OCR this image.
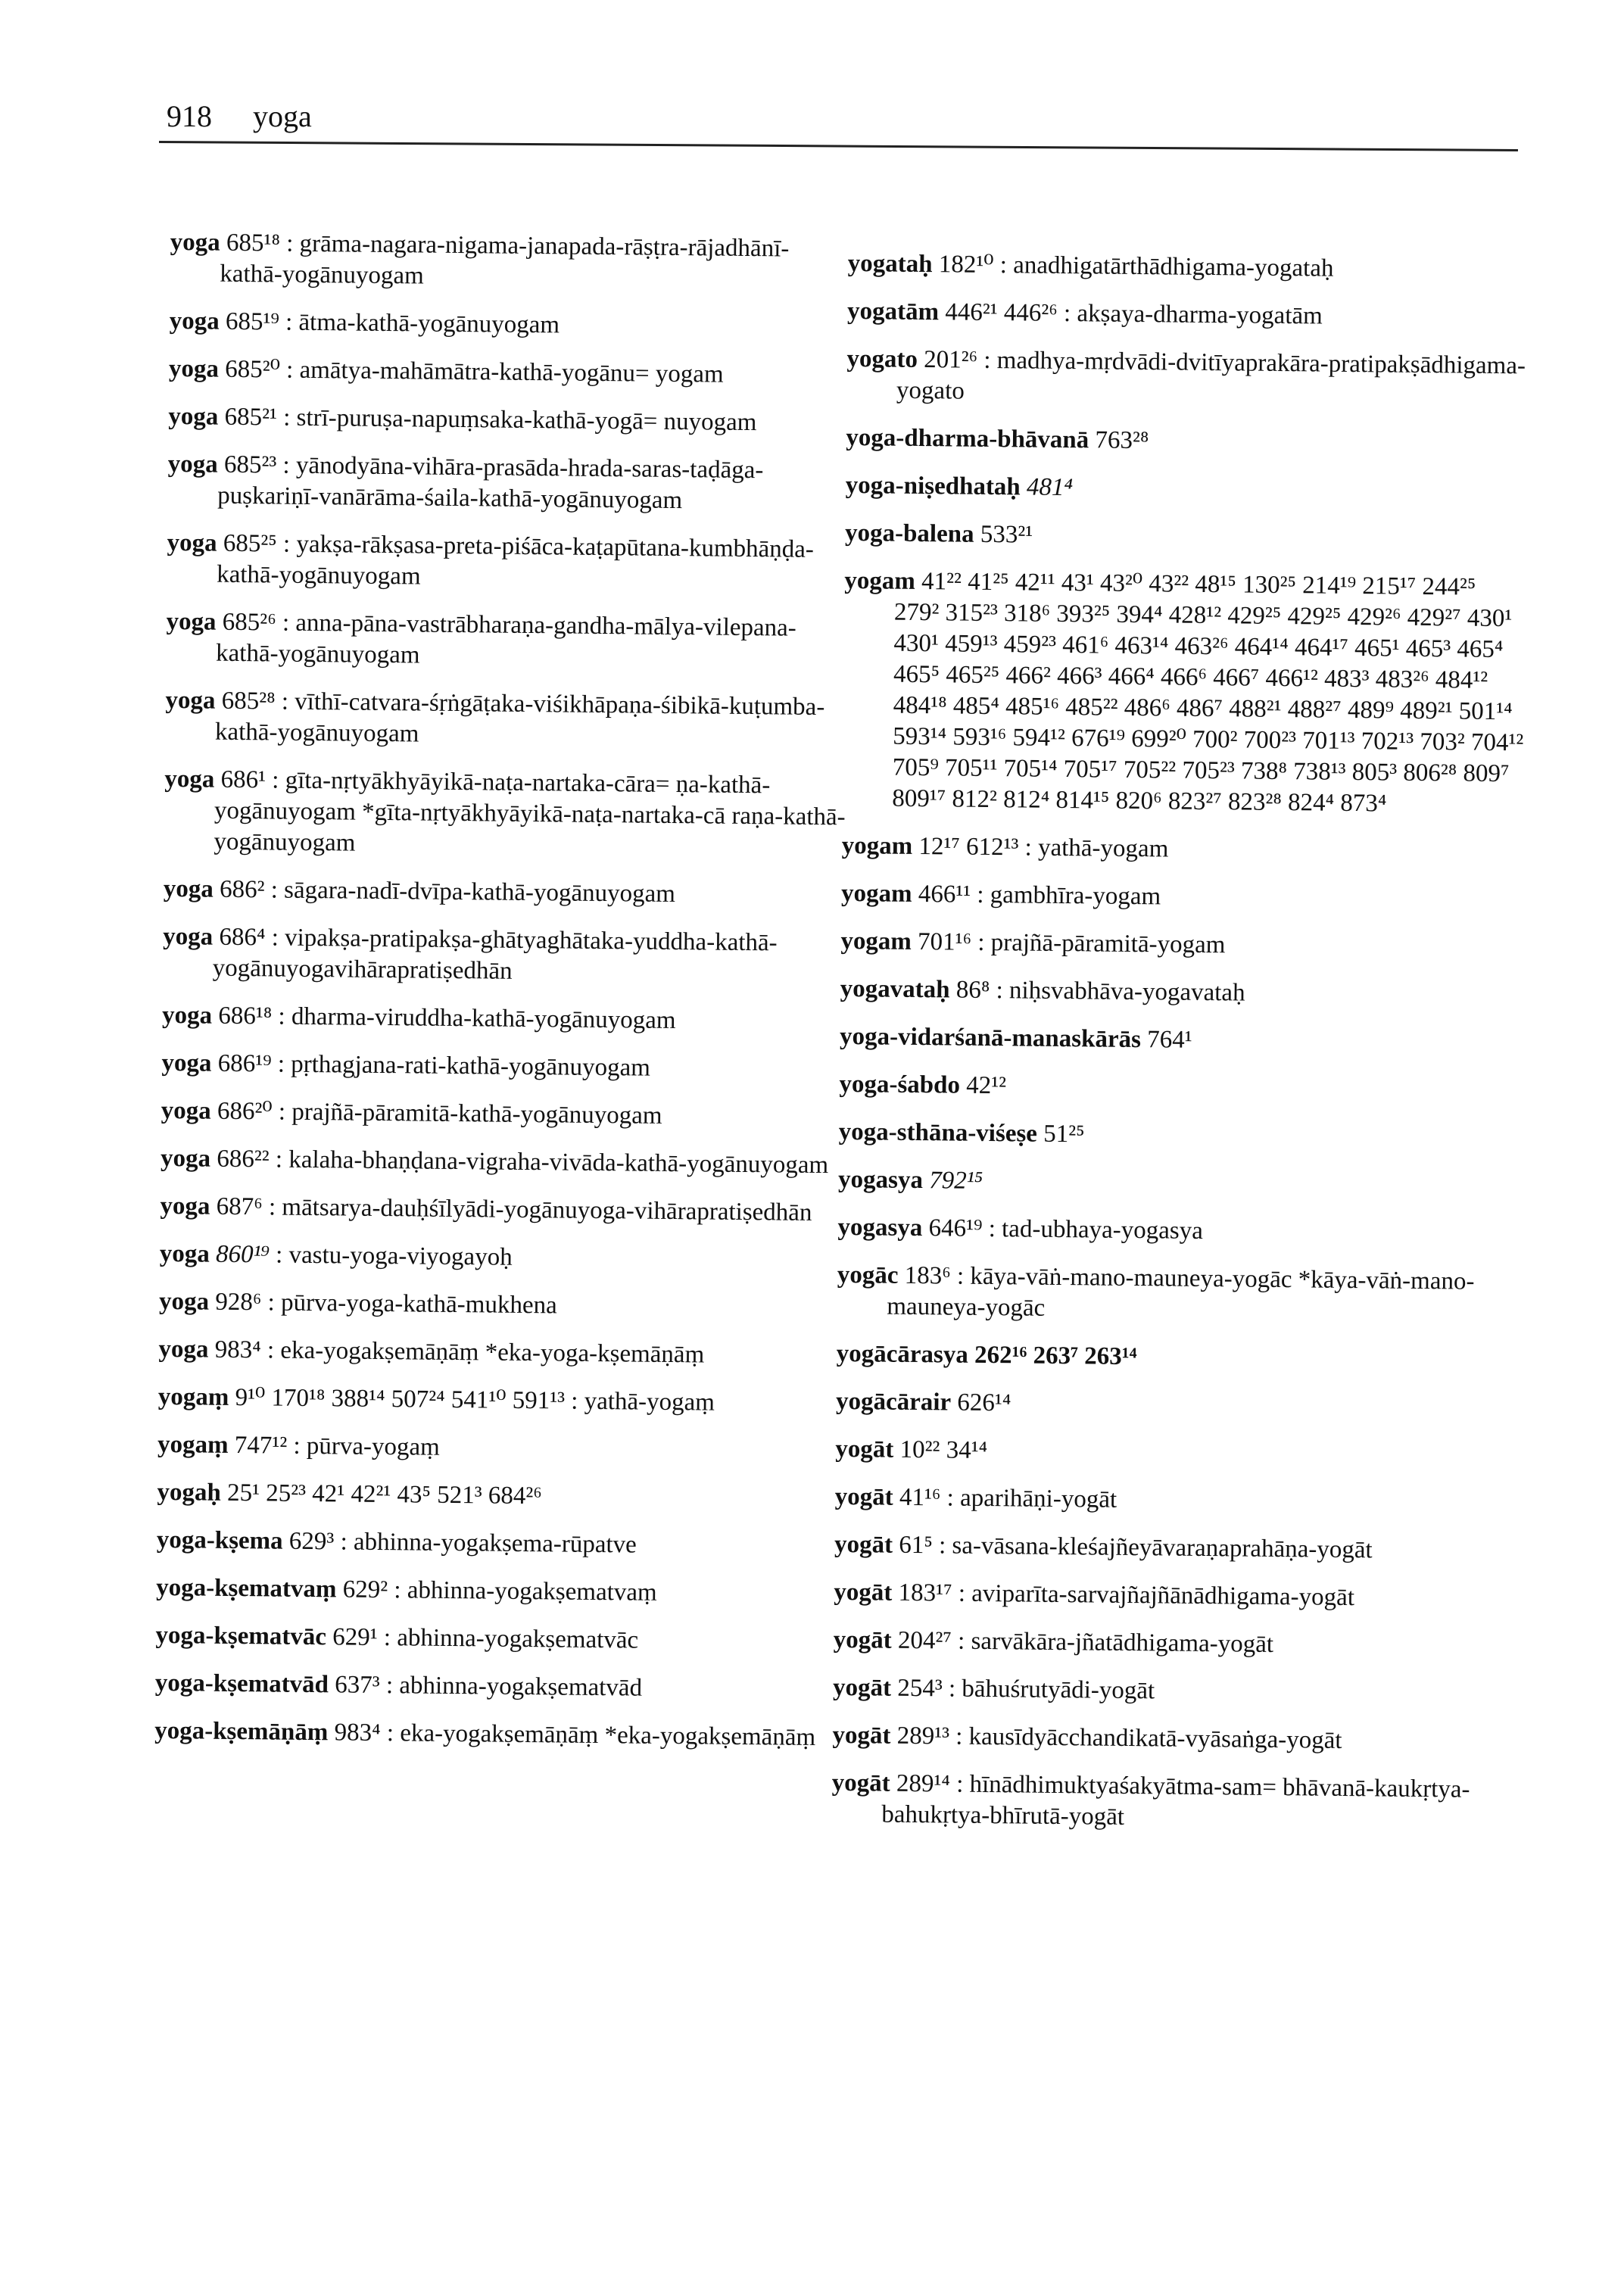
918 yoga
yoga 685¹⁸ : grāma-nagara-nigama-janapada-rāṣṭra-rājadhānī-kathā-yogānuyogam
yoga 685¹⁹ : ātma-kathā-yogānuyogam
yoga 685²⁰ : amātya-mahāmātra-kathā-yogānu= yogam
yoga 685²¹ : strī-puruṣa-napuṃsaka-kathā-yogā= nuyogam
yoga 685²³ : yānodyāna-vihāra-prasāda-hrada-saras-taḍāga-puṣkariṇī-vanārāma-śaila-kathā-yogānuyogam
yoga 685²⁵ : yakṣa-rākṣasa-preta-piśāca-kaṭapūtana-kumbhāṇḍa-kathā-yogānuyogam
yoga 685²⁶ : anna-pāna-vastrābharaṇa-gandha-mālya-vilepana-kathā-yogānuyogam
yoga 685²⁸ : vīthī-catvara-śṛṅgāṭaka-viśikhāpaṇa-śibikā-kuṭumba-kathā-yogānuyogam
yoga 686¹ : gīta-nṛtyākhyāyikā-naṭa-nartaka-cāra= ṇa-kathā-yogānuyogam *gīta-nṛtyākhyāyikā-naṭa-nartaka-cā raṇa-kathā-yogānuyogam
yoga 686² : sāgara-nadī-dvīpa-kathā-yogānuyogam
yoga 686⁴ : vipakṣa-pratipakṣa-ghātyaghātaka-yuddha-kathā-yogānuyogavihārapratiṣedhān
yoga 686¹⁸ : dharma-viruddha-kathā-yogānuyogam
yoga 686¹⁹ : pṛthagjana-rati-kathā-yogānuyogam
yoga 686²⁰ : prajñā-pāramitā-kathā-yogānuyogam
yoga 686²² : kalaha-bhaṇḍana-vigraha-vivāda-kathā-yogānuyogam
yoga 687⁶ : mātsarya-dauḥśīlyādi-yogānuyoga-vihārapratiṣedhān
yoga 860¹⁹ : vastu-yoga-viyogayoḥ
yoga 928⁶ : pūrva-yoga-kathā-mukhena
yoga 983⁴ : eka-yogakṣemāṇāṃ *eka-yoga-kṣemāṇāṃ
yogaṃ 9¹⁰ 170¹⁸ 388¹⁴ 507²⁴ 541¹⁰ 591¹³ : yathā-yogaṃ
yogaṃ 747¹² : pūrva-yogaṃ
yogaḥ 25¹ 25²³ 42¹ 42²¹ 43⁵ 521³ 684²⁶
yoga-kṣema 629³ : abhinna-yogakṣema-rūpatve
yoga-kṣematvaṃ 629² : abhinna-yogakṣematvaṃ
yoga-kṣematvāc 629¹ : abhinna-yogakṣematvāc
yoga-kṣematvād 637³ : abhinna-yogakṣematvād
yoga-kṣemāṇāṃ 983⁴ : eka-yogakṣemāṇāṃ *eka-yogakṣemāṇāṃ
yogataḥ 182¹⁰ : anadhigatārthādhigama-yogataḥ
yogatām 446²¹ 446²⁶ : akṣaya-dharma-yogatām
yogato 201²⁶ : madhya-mṛdvādi-dvitīyaprakāra-pratipakṣādhigama-yogato
yoga-dharma-bhāvanā 763²⁸
yoga-niṣedhataḥ 481⁴
yoga-balena 533²¹
yogam 41²² 41²⁵ 42¹¹ 43¹ 43²⁰ 43²² 48¹⁵ 130²⁵ 214¹⁹ 215¹⁷ 244²⁵ 279² 315²³ 318⁶ 393²⁵ 394⁴ 428¹² 429²⁵ 429²⁵ 429²⁶ 429²⁷ 430¹ 430¹ 459¹³ 459²³ 461⁶ 463¹⁴ 463²⁶ 464¹⁴ 464¹⁷ 465¹ 465³ 465⁴ 465⁵ 465²⁵ 466² 466³ 466⁴ 466⁶ 466⁷ 466¹² 483³ 483²⁶ 484¹² 484¹⁸ 485⁴ 485¹⁶ 485²² 486⁶ 486⁷ 488²¹ 488²⁷ 489⁹ 489²¹ 501¹⁴ 593¹⁴ 593¹⁶ 594¹² 676¹⁹ 699²⁰ 700² 700²³ 701¹³ 702¹³ 703² 704¹² 705⁹ 705¹¹ 705¹⁴ 705¹⁷ 705²² 705²³ 738⁸ 738¹³ 805³ 806²⁸ 809⁷ 809¹⁷ 812² 812⁴ 814¹⁵ 820⁶ 823²⁷ 823²⁸ 824⁴ 873⁴
yogam 12¹⁷ 612¹³ : yathā-yogam
yogam 466¹¹ : gambhīra-yogam
yogam 701¹⁶ : prajñā-pāramitā-yogam
yogavataḥ 86⁸ : niḥsvabhāva-yogavataḥ
yoga-vidarśanā-manaskārās 764¹
yoga-śabdo 42¹²
yoga-sthāna-viśeṣe 51²⁵
yogasya 792¹⁵
yogasya 646¹⁹ : tad-ubhaya-yogasya
yogāc 183⁶ : kāya-vāṅ-mano-mauneya-yogāc *kāya-vāṅ-mano-mauneya-yogāc
yogācārasya 262¹⁶ 263⁷ 263¹⁴
yogācārair 626¹⁴
yogāt 10²² 34¹⁴
yogāt 41¹⁶ : aparihāṇi-yogāt
yogāt 61⁵ : sa-vāsana-kleśajñeyāvaraṇaprahāṇa-yogāt
yogāt 183¹⁷ : aviparīta-sarvajñajñānādhigama-yogāt
yogāt 204²⁷ : sarvākāra-jñatādhigama-yogāt
yogāt 254³ : bāhuśrutyādi-yogāt
yogāt 289¹³ : kausīdyācchandikatā-vyāsaṅga-yogāt
yogāt 289¹⁴ : hīnādhimuktyaśakyātma-sam= bhāvanā-kaukṛtya-bahukṛtya-bhīrutā-yogāt
